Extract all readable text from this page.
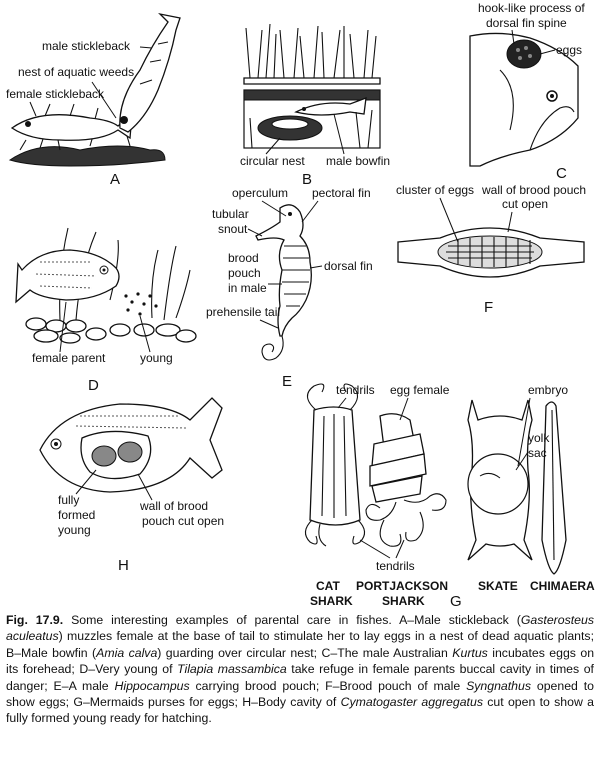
male stickleback
nest of aquatic weeds
female stickleback
A
circular nest male bowfin
B
hook-like process of
dorsal fin spine
eggs
C
female parent	young
D
operculum pectoral fin
tubular
snout
brood
pouch
in male
dorsal fin
prehensile tail
E
cluster of eggs wall of brood pouch
cut open
F
fully
formed
young
wall of brood
pouch cut open
H
tendrils egg female	embryo
yolk
sac
tendrils
CAT
SHARK
PORTJACKSON
SHARK
SKATE CHIMAERA
G
Fig. 17.9. Some interesting examples of parental care in fishes. A–Male stickleback (Gasterosteus aculeatus) muzzles female at the base of tail to stimulate her to lay eggs in a nest of dead aquatic plants; B–Male bowfin (Amia calva) guarding over circular nest; C–The male Australian Kurtus incubates eggs on its forehead; D–Very young of Tilapia massambica take refuge in female parents buccal cavity in times of danger; E–A male Hippocampus carrying brood pouch; F–Brood pouch of male Syngnathus opened to show eggs; G–Mermaids purses for eggs; H–Body cavity of Cymatogaster aggregatus cut open to show a fully formed young ready for hatching.
